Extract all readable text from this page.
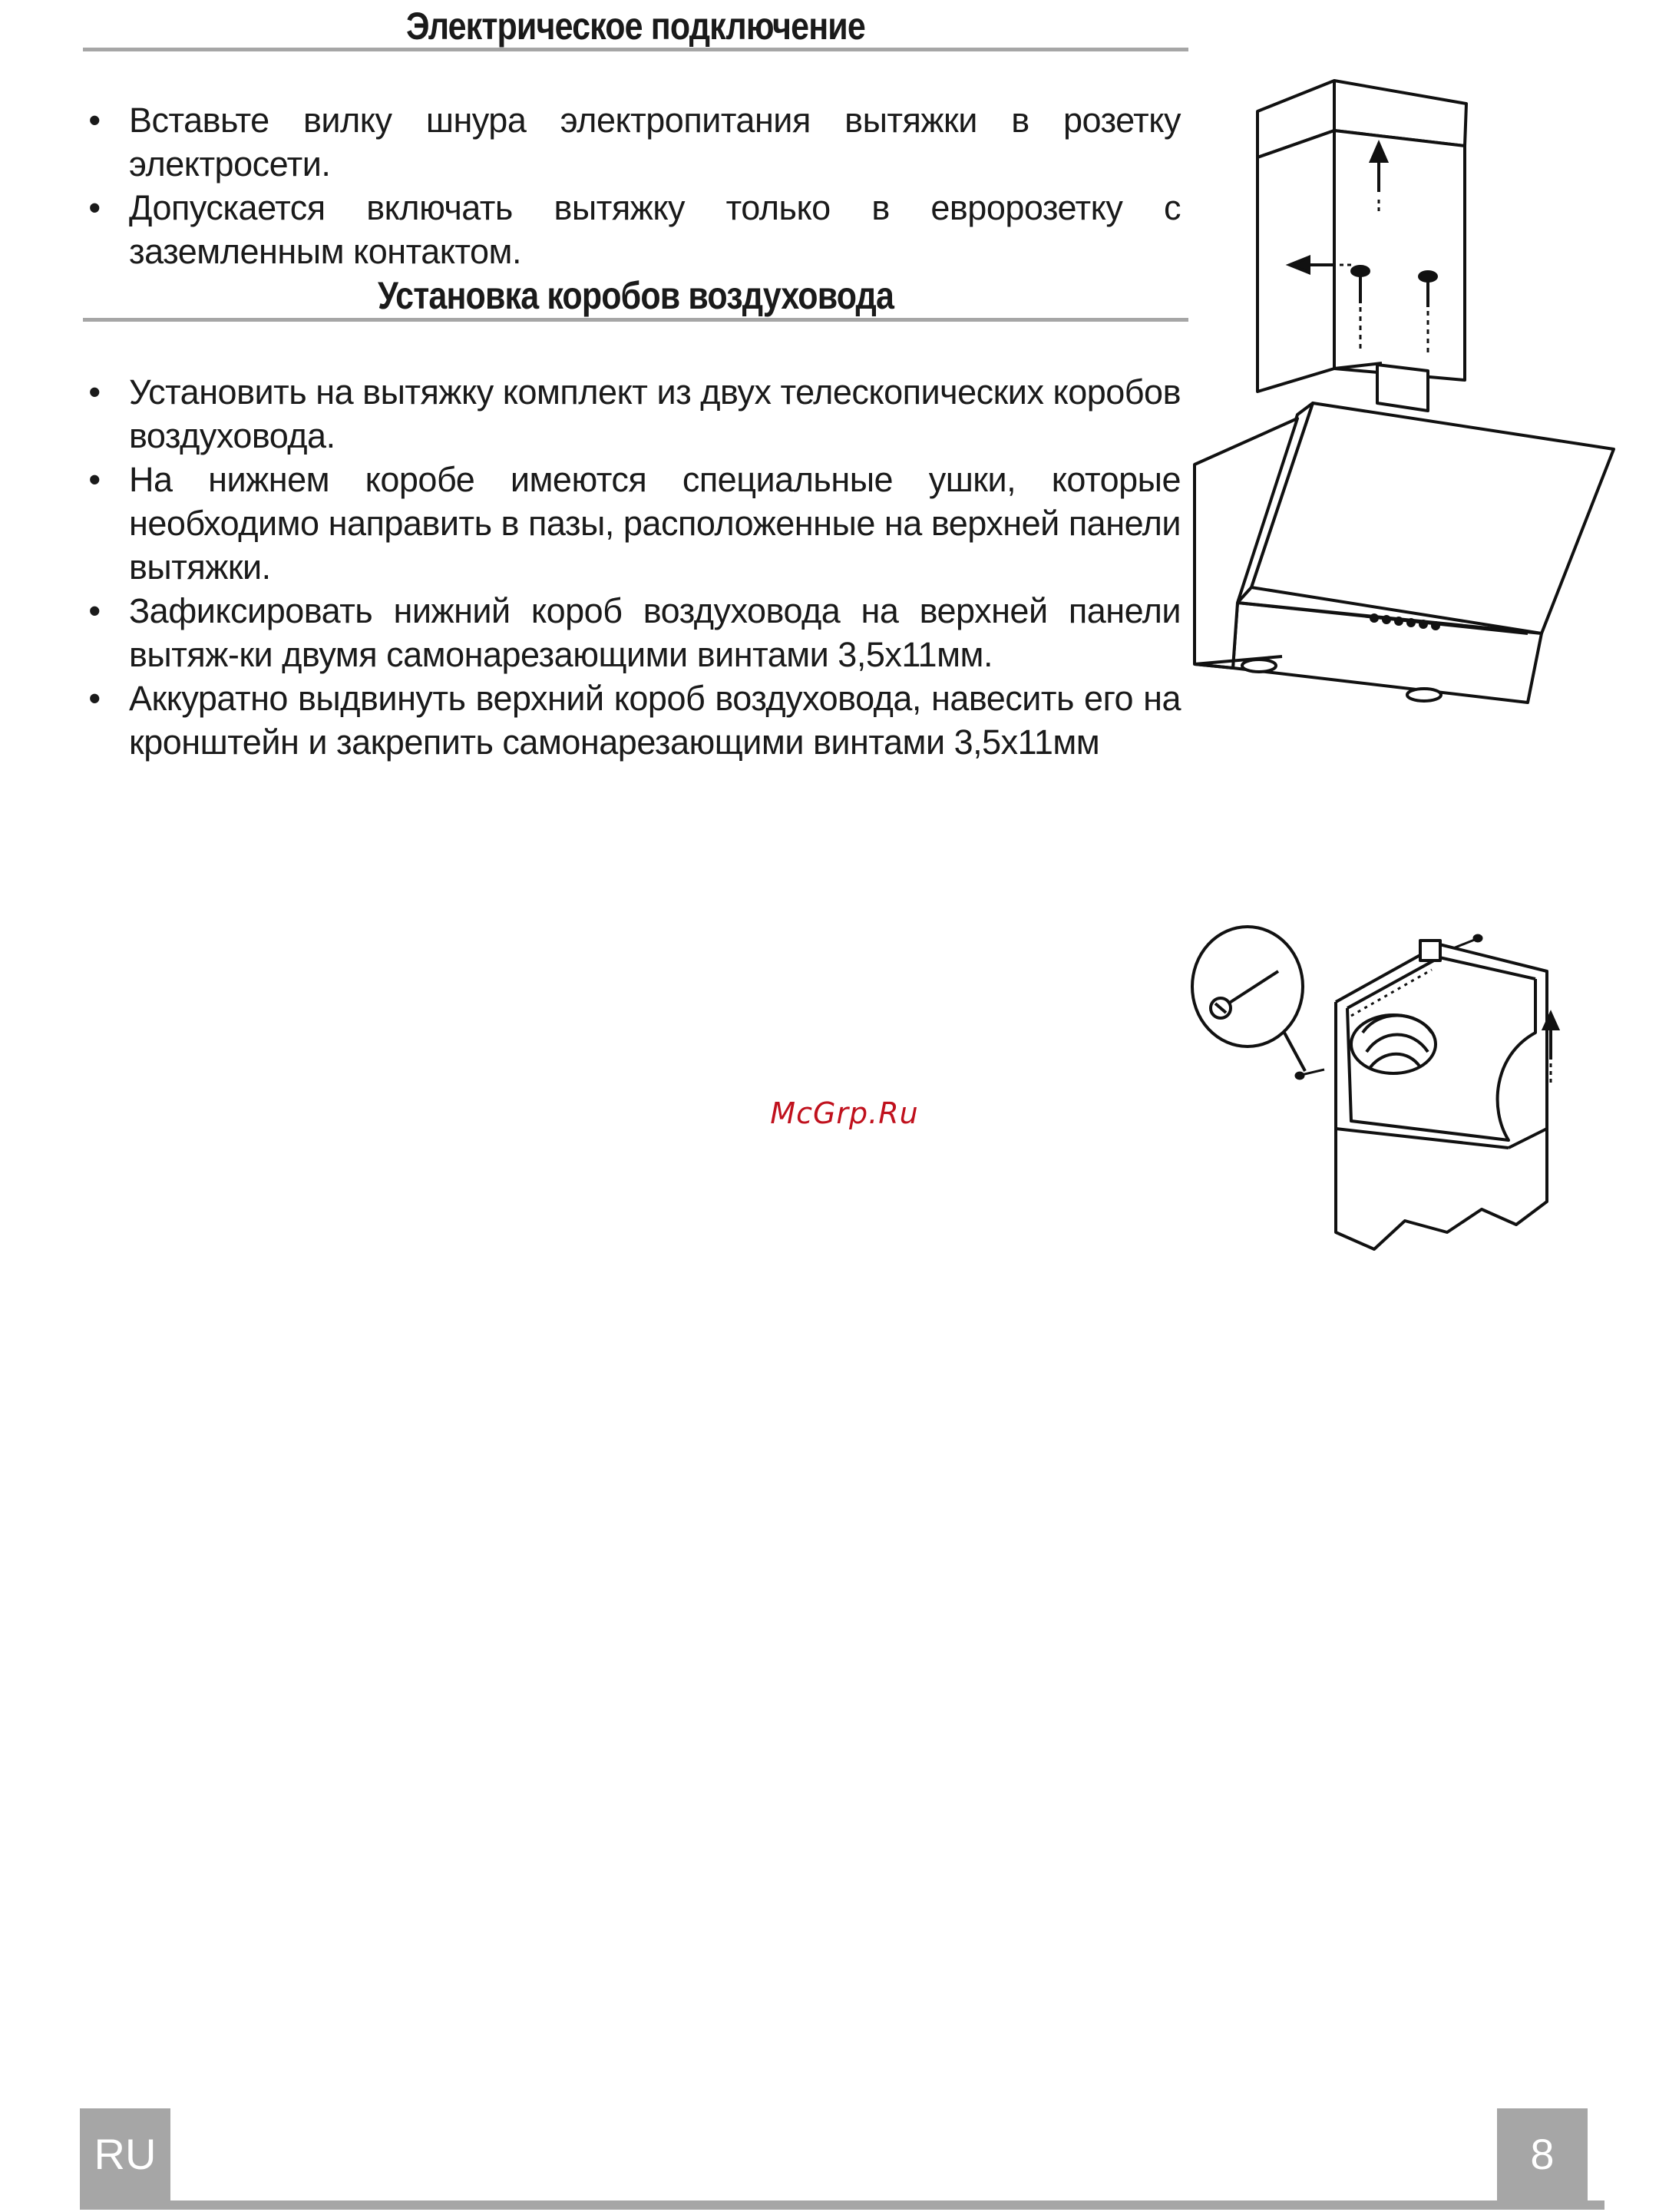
Электрическое подключение
• Вставьте вилку шнура электропитания вытяжки в розетку электросети.
• Допускается включать вытяжку только в евророзетку с заземленным контактом.
Установка коробов воздуховода
• Установить на вытяжку комплект из двух телескопических коробов воздуховода.
• На нижнем коробе имеются специальные ушки, которые необходимо направить в пазы, расположенные на верхней панели вытяжки.
• Зафиксировать нижний короб воздуховода на верхней панели вытяж-ки двумя самонарезающими винтами 3,5х11мм.
• Аккуратно выдвинуть верхний короб воздуховода, навесить его на кронштейн и закрепить самонарезающими винтами 3,5х11мм
McGrp.Ru
RU	8
